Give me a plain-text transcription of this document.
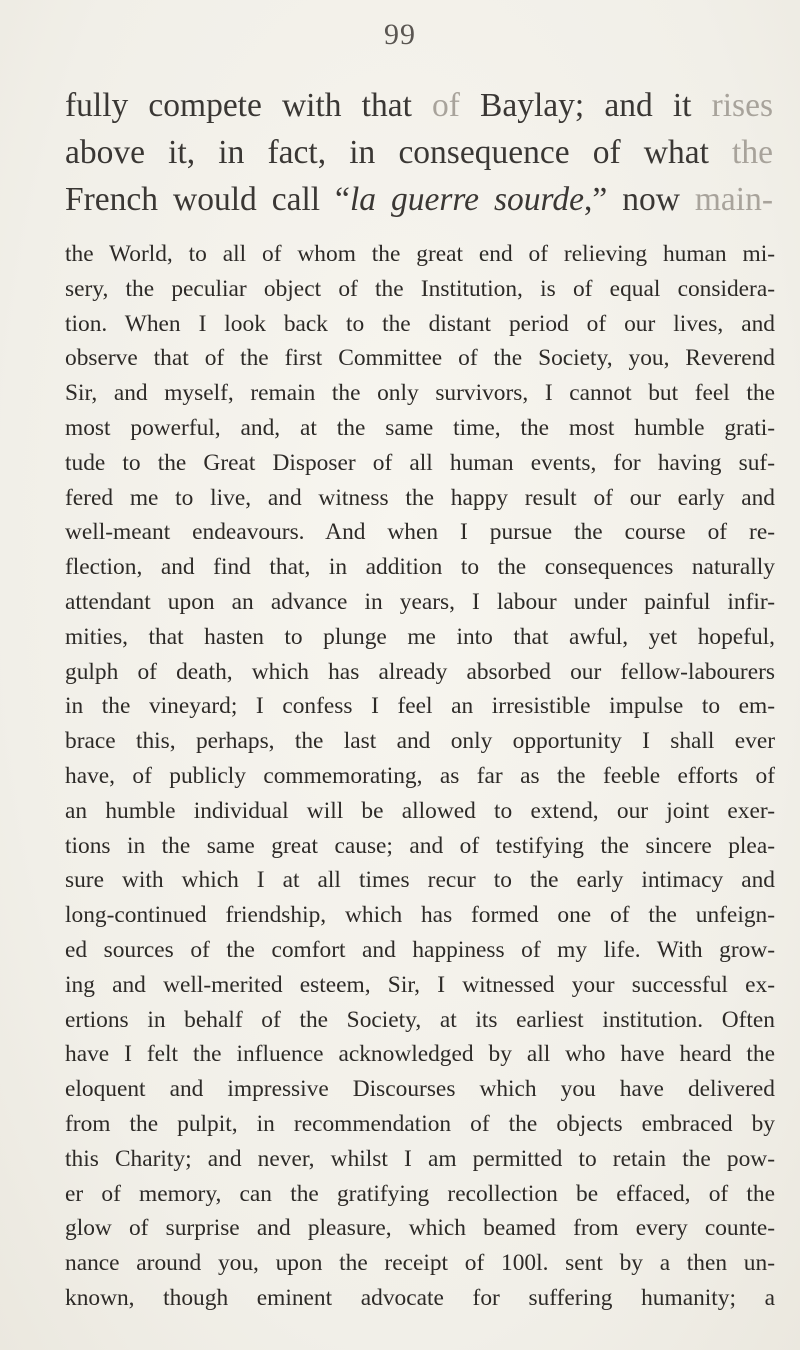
99
fully compete with that of Baylay; and it rises
above it, in fact, in consequence of what the
French would call “la guerre sourde,” now main-
the World, to all of whom the great end of relieving human mi-
sery, the peculiar object of the Institution, is of equal considera-
tion. When I look back to the distant period of our lives, and
observe that of the first Committee of the Society, you, Reverend
Sir, and myself, remain the only survivors, I cannot but feel the
most powerful, and, at the same time, the most humble grati-
tude to the Great Disposer of all human events, for having suf-
fered me to live, and witness the happy result of our early and
well-meant endeavours. And when I pursue the course of re-
flection, and find that, in addition to the consequences naturally
attendant upon an advance in years, I labour under painful infir-
mities, that hasten to plunge me into that awful, yet hopeful,
gulph of death, which has already absorbed our fellow-labourers
in the vineyard; I confess I feel an irresistible impulse to em-
brace this, perhaps, the last and only opportunity I shall ever
have, of publicly commemorating, as far as the feeble efforts of
an humble individual will be allowed to extend, our joint exer-
tions in the same great cause; and of testifying the sincere plea-
sure with which I at all times recur to the early intimacy and
long-continued friendship, which has formed one of the unfeign-
ed sources of the comfort and happiness of my life. With grow-
ing and well-merited esteem, Sir, I witnessed your successful ex-
ertions in behalf of the Society, at its earliest institution. Often
have I felt the influence acknowledged by all who have heard the
eloquent and impressive Discourses which you have delivered
from the pulpit, in recommendation of the objects embraced by
this Charity; and never, whilst I am permitted to retain the pow-
er of memory, can the gratifying recollection be effaced, of the
glow of surprise and pleasure, which beamed from every counte-
nance around you, upon the receipt of 100l. sent by a then un-
known, though eminent advocate for suffering humanity; a
